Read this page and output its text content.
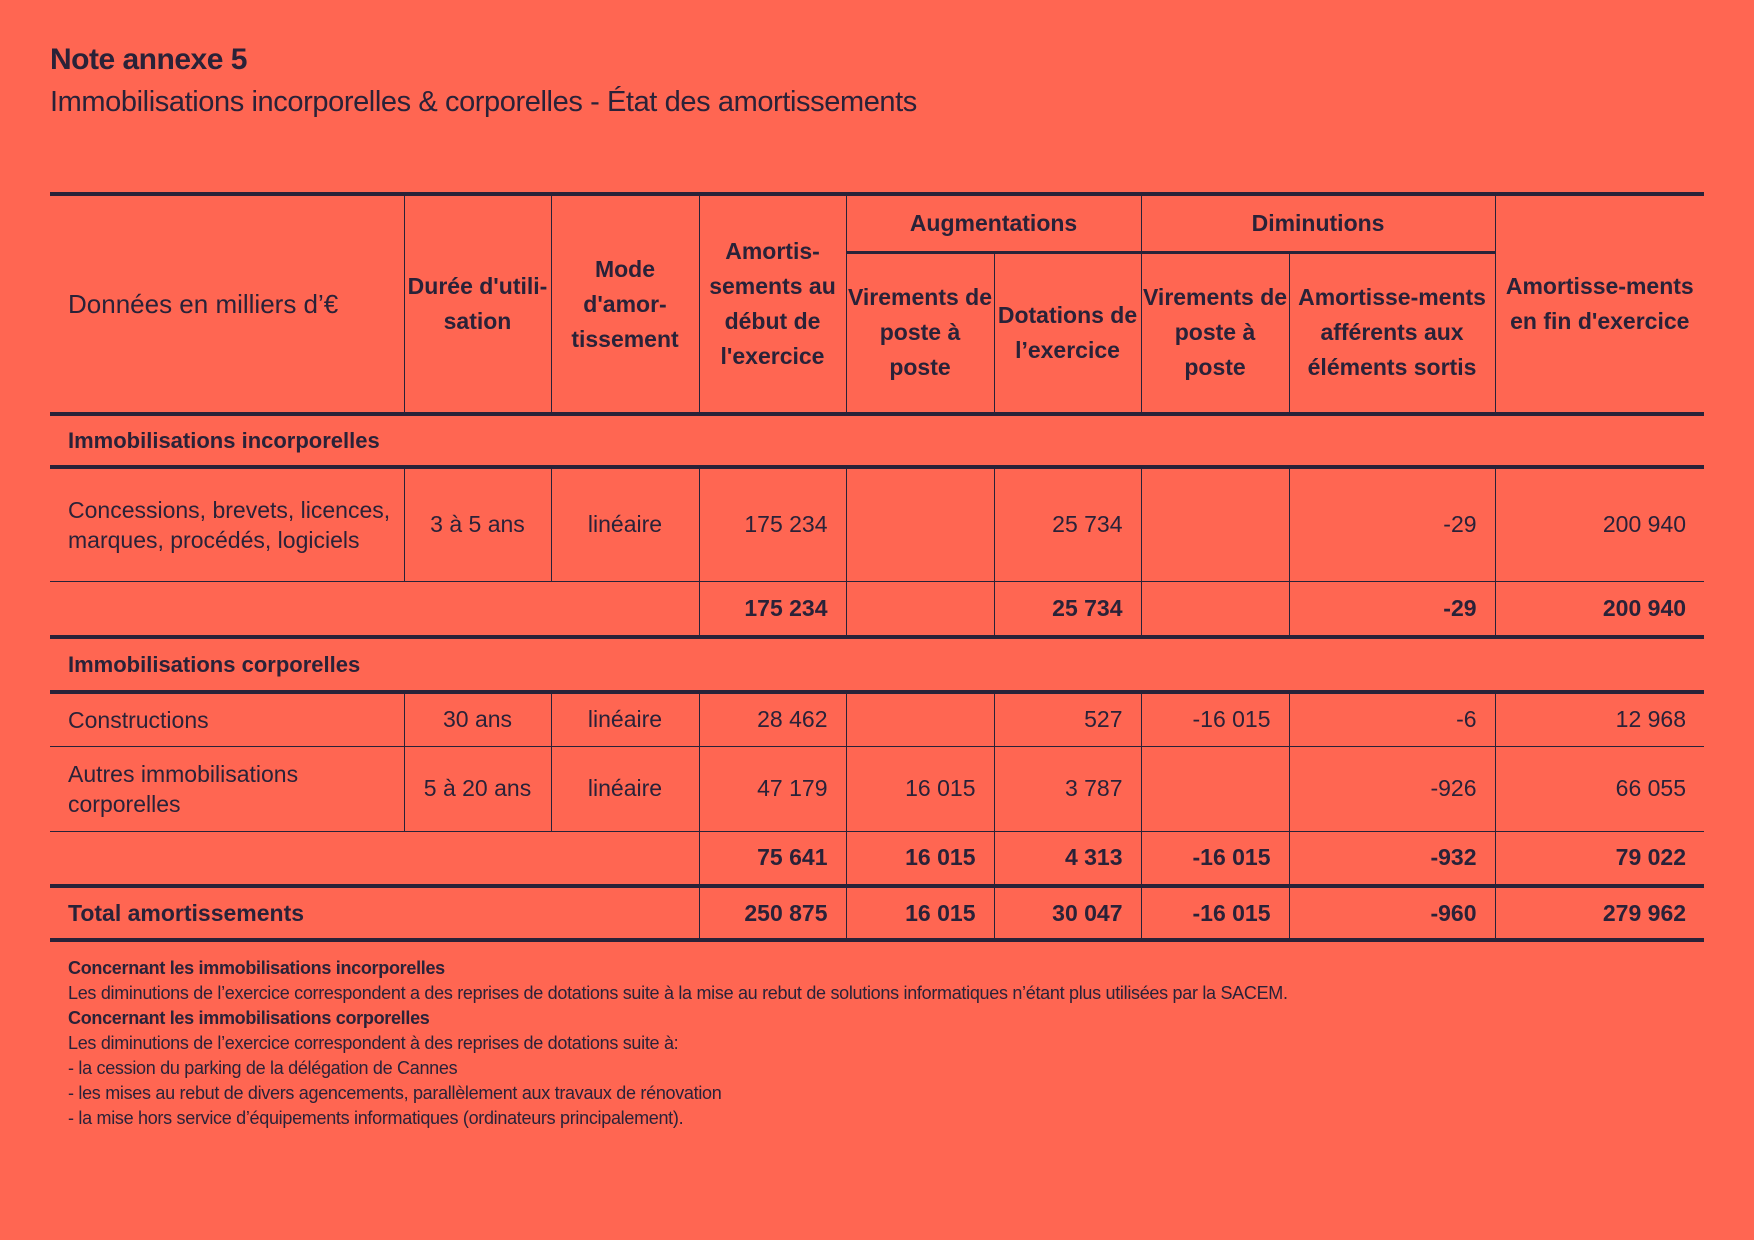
Note annexe 5
Immobilisations incorporelles & corporelles - État des amortissements
Données en milliers d’€	Durée d'utili-sation	Mode d'amor-tissement	Amortis-sements au début de l'exercice	Augmentations		Diminutions		Amortisse-ments en fin d'exercice
				Virements de poste à poste	Dotations de l’exercice	Virements de poste à poste	Amortisse-ments afférents aux éléments sortis	
Immobilisations incorporelles								
Concessions, brevets, licences, marques, procédés, logiciels	3 à 5 ans	linéaire	175 234		25 734		-29	200 940
			175 234		25 734		-29	200 940
Immobilisations corporelles								
Constructions	30 ans	linéaire	28 462		527	-16 015	-6	12 968
Autres immobilisations corporelles	5 à 20 ans	linéaire	47 179	16 015	3 787		-926	66 055
			75 641	16 015	4 313	-16 015	-932	79 022
Total amortissements			250 875	16 015	30 047	-16 015	-960	279 962
Concernant les immobilisations incorporelles
Les diminutions de l’exercice correspondent a des reprises de dotations suite à la mise au rebut de solutions informatiques n’étant plus utilisées par la SACEM.
Concernant les immobilisations corporelles
Les diminutions de l’exercice correspondent à des reprises de dotations suite à:
- la cession du parking de la délégation de Cannes
- les mises au rebut de divers agencements, parallèlement aux travaux de rénovation
- la mise hors service d’équipements informatiques (ordinateurs principalement).
